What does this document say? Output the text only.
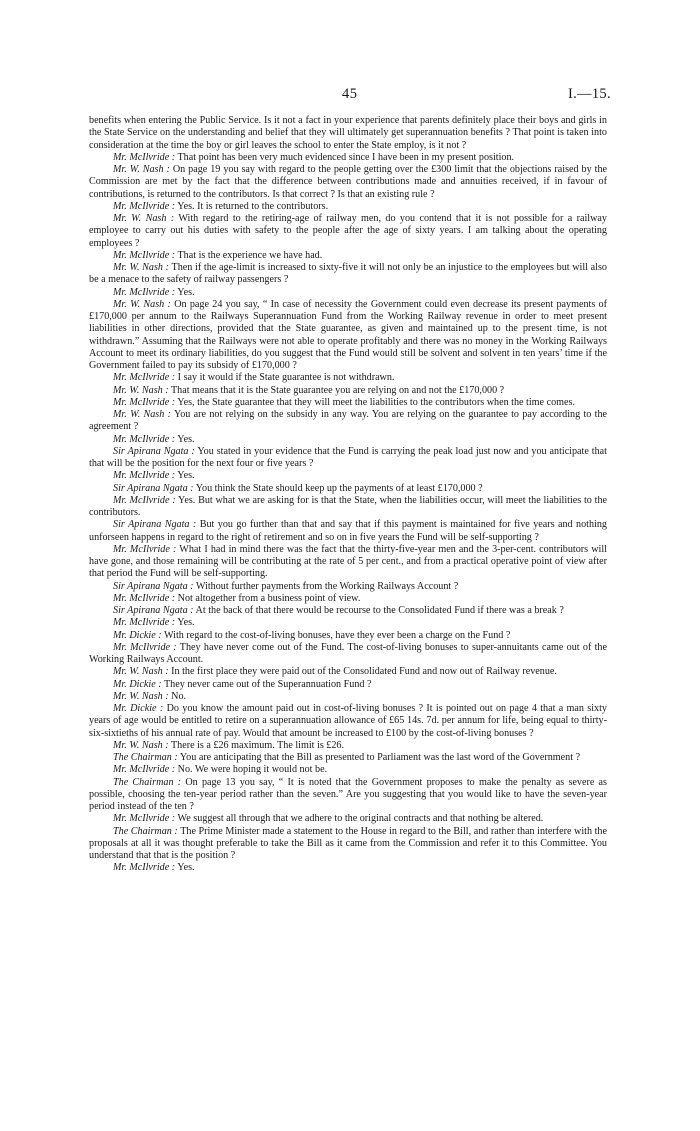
45	I.—15.

benefits when entering the Public Service. Is it not a fact in your experience that parents definitely place their boys and girls in the State Service on the understanding and belief that they will ultimately get superannuation benefits ? That point is taken into consideration at the time the boy or girl leaves the school to enter the State employ, is it not ?

Mr. McIlvride : That point has been very much evidenced since I have been in my present position.

Mr. W. Nash : On page 19 you say with regard to the people getting over the £300 limit that the objections raised by the Commission are met by the fact that the difference between contributions made and annuities received, if in favour of contributions, is returned to the contributors. Is that correct ? Is that an existing rule ?

Mr. McIlvride : Yes. It is returned to the contributors.

Mr. W. Nash : With regard to the retiring-age of railway men, do you contend that it is not possible for a railway employee to carry out his duties with safety to the people after the age of sixty years. I am talking about the operating employees ?

Mr. McIlvride : That is the experience we have had.

Mr. W. Nash : Then if the age-limit is increased to sixty-five it will not only be an injustice to the employees but will also be a menace to the safety of railway passengers ?

Mr. McIlvride : Yes.

Mr. W. Nash : On page 24 you say, “ In case of necessity the Government could even decrease its present payments of £170,000 per annum to the Railways Superannuation Fund from the Working Railway revenue in order to meet present liabilities in other directions, provided that the State guarantee, as given and maintained up to the present time, is not withdrawn.” Assuming that the Railways were not able to operate profitably and there was no money in the Working Railways Account to meet its ordinary liabilities, do you suggest that the Fund would still be solvent and solvent in ten years’ time if the Government failed to pay its subsidy of £170,000 ?

Mr. McIlvride : I say it would if the State guarantee is not withdrawn.

Mr. W. Nash : That means that it is the State guarantee you are relying on and not the £170,000 ?

Mr. McIlvride : Yes, the State guarantee that they will meet the liabilities to the contributors when the time comes.

Mr. W. Nash : You are not relying on the subsidy in any way. You are relying on the guarantee to pay according to the agreement ?

Mr. McIlvride : Yes.

Sir Apirana Ngata : You stated in your evidence that the Fund is carrying the peak load just now and you anticipate that that will be the position for the next four or five years ?

Mr. McIlvride : Yes.

Sir Apirana Ngata : You think the State should keep up the payments of at least £170,000 ?

Mr. McIlvride : Yes. But what we are asking for is that the State, when the liabilities occur, will meet the liabilities to the contributors.

Sir Apirana Ngata : But you go further than that and say that if this payment is maintained for five years and nothing unforseen happens in regard to the right of retirement and so on in five years the Fund will be self-supporting ?

Mr. McIlvride : What I had in mind there was the fact that the thirty-five-year men and the 3-per-cent. contributors will have gone, and those remaining will be contributing at the rate of 5 per cent., and from a practical operative point of view after that period the Fund will be self-supporting.

Sir Apirana Ngata : Without further payments from the Working Railways Account ?

Mr. McIlvride : Not altogether from a business point of view.

Sir Apirana Ngata : At the back of that there would be recourse to the Consolidated Fund if there was a break ?

Mr. McIlvride : Yes.

Mr. Dickie : With regard to the cost-of-living bonuses, have they ever been a charge on the Fund ?

Mr. McIlvride : They have never come out of the Fund. The cost-of-living bonuses to super-annuitants came out of the Working Railways Account.

Mr. W. Nash : In the first place they were paid out of the Consolidated Fund and now out of Railway revenue.

Mr. Dickie : They never came out of the Superannuation Fund ?

Mr. W. Nash : No.

Mr. Dickie : Do you know the amount paid out in cost-of-living bonuses ? It is pointed out on page 4 that a man sixty years of age would be entitled to retire on a superannuation allowance of £65 14s. 7d. per annum for life, being equal to thirty-six-sixtieths of his annual rate of pay. Would that amount be increased to £100 by the cost-of-living bonuses ?

Mr. W. Nash : There is a £26 maximum. The limit is £26.

The Chairman : You are anticipating that the Bill as presented to Parliament was the last word of the Government ?

Mr. McIlvride : No. We were hoping it would not be.

The Chairman : On page 13 you say, “ It is noted that the Government proposes to make the penalty as severe as possible, choosing the ten-year period rather than the seven.” Are you suggesting that you would like to have the seven-year period instead of the ten ?

Mr. McIlvride : We suggest all through that we adhere to the original contracts and that nothing be altered.

The Chairman : The Prime Minister made a statement to the House in regard to the Bill, and rather than interfere with the proposals at all it was thought preferable to take the Bill as it came from the Commission and refer it to this Committee. You understand that that is the position ?

Mr. McIlvride : Yes.
